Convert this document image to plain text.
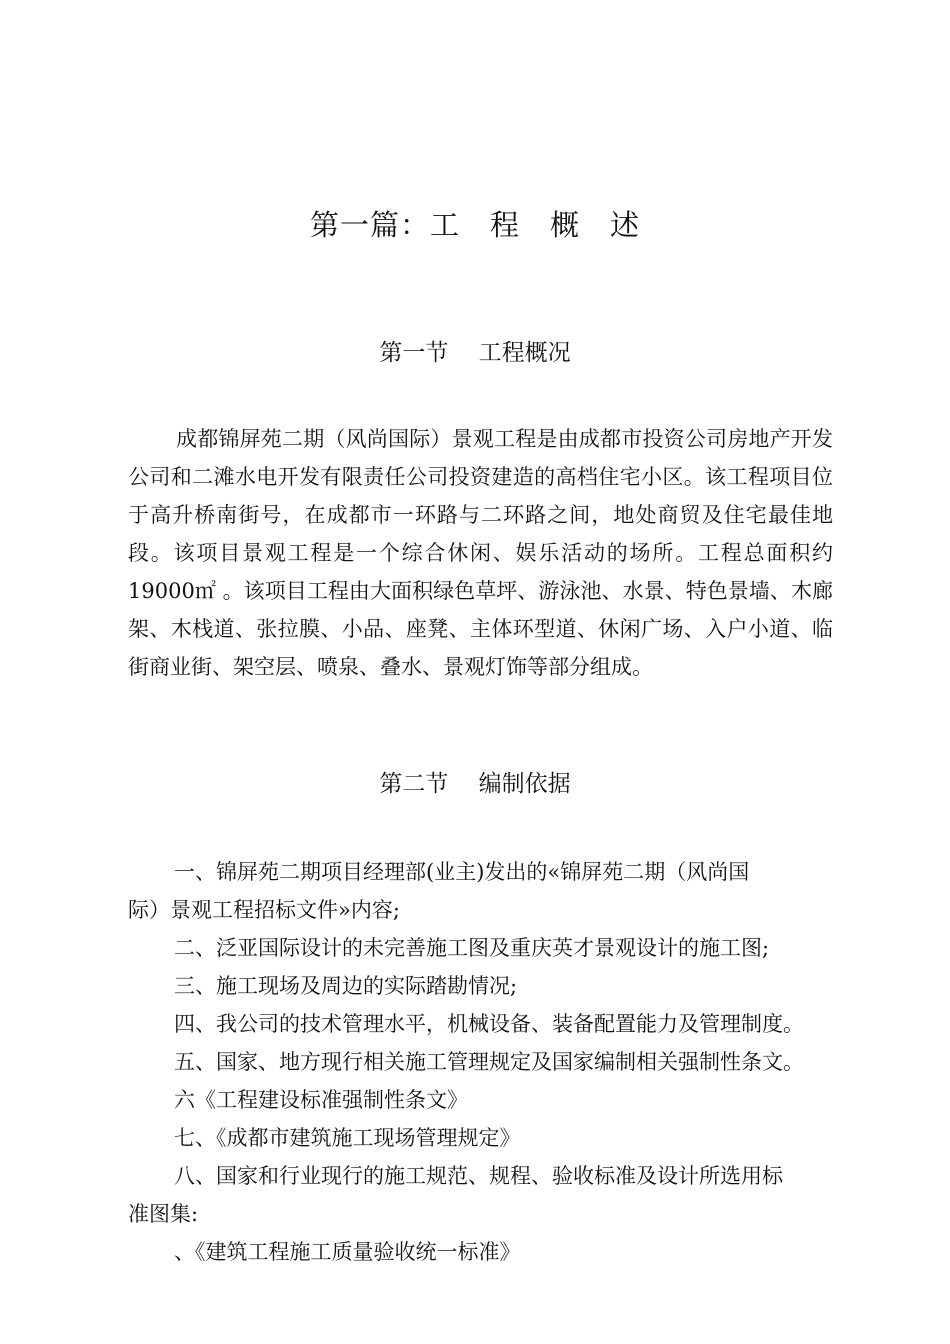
第一篇：工　程　概　述
第一节　 工程概况
成都锦屏苑二期（风尚国际）景观工程是由成都市投资公司房地产开发公司和二滩水电开发有限责任公司投资建造的高档住宅小区。该工程项目位于高升桥南街号，在成都市一环路与二环路之间，地处商贸及住宅最佳地段。该项目景观工程是一个综合休闲、娱乐活动的场所。工程总面积约 19000㎡ 。该项目工程由大面积绿色草坪、游泳池、水景、特色景墙、木廊架、木栈道、张拉膜、小品、座凳、主体环型道、休闲广场、入户小道、临街商业街、架空层、喷泉、叠水、景观灯饰等部分组成。
第二节　 编制依据
一、锦屏苑二期项目经理部(业主)发出的«锦屏苑二期（风尚国
际）景观工程招标文件»内容;
二、泛亚国际设计的未完善施工图及重庆英才景观设计的施工图;
三、施工现场及周边的实际踏勘情况;
四、我公司的技术管理水平，机械设备、装备配置能力及管理制度。
五、国家、地方现行相关施工管理规定及国家编制相关强制性条文。
六《工程建设标准强制性条文》
七、《成都市建筑施工现场管理规定》
八、国家和行业现行的施工规范、规程、验收标准及设计所选用标
准图集:
、《建筑工程施工质量验收统一标准》
